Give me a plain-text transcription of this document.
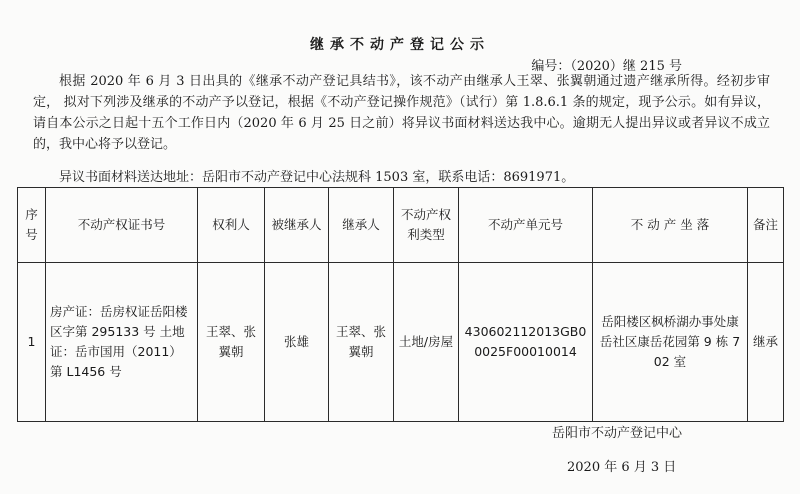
继承不动产登记公示
编号：（2020）继 215 号

根据 2020 年 6 月 3 日出具的《继承不动产登记具结书》，该不动产由继承人王翠、张翼朝通过遗产继承所得。经初步审定， 拟对下列涉及继承的不动产予以登记，根据《不动产登记操作规范》（试行）第 1.8.6.1 条的规定，现予公示。如有异议，请自本公示之日起十五个工作日内（2020 年 6 月 25 日之前）将异议书面材料送达我中心。逾期无人提出异议或者异议不成立的，我中心将予以登记。

异议书面材料送达地址：岳阳市不动产登记中心法规科 1503 室，联系电话：8691971。
序号	不动产权证书号	权利人	被继承人	继承人	不动产权利类型	不动产单元号	不 动 产 坐 落	备注
1	房产证：岳房权证岳阳楼区字第 295133 号 土地证：岳市国用（2011）第 L1456 号	王翠、张翼朝	张雄	王翠、张翼朝	土地/房屋	430602112013GB00025F00010014	岳阳楼区枫桥湖办事处康岳社区康岳花园第 9 栋 702 室	继承
岳阳市不动产登记中心
2020 年 6 月 3 日
